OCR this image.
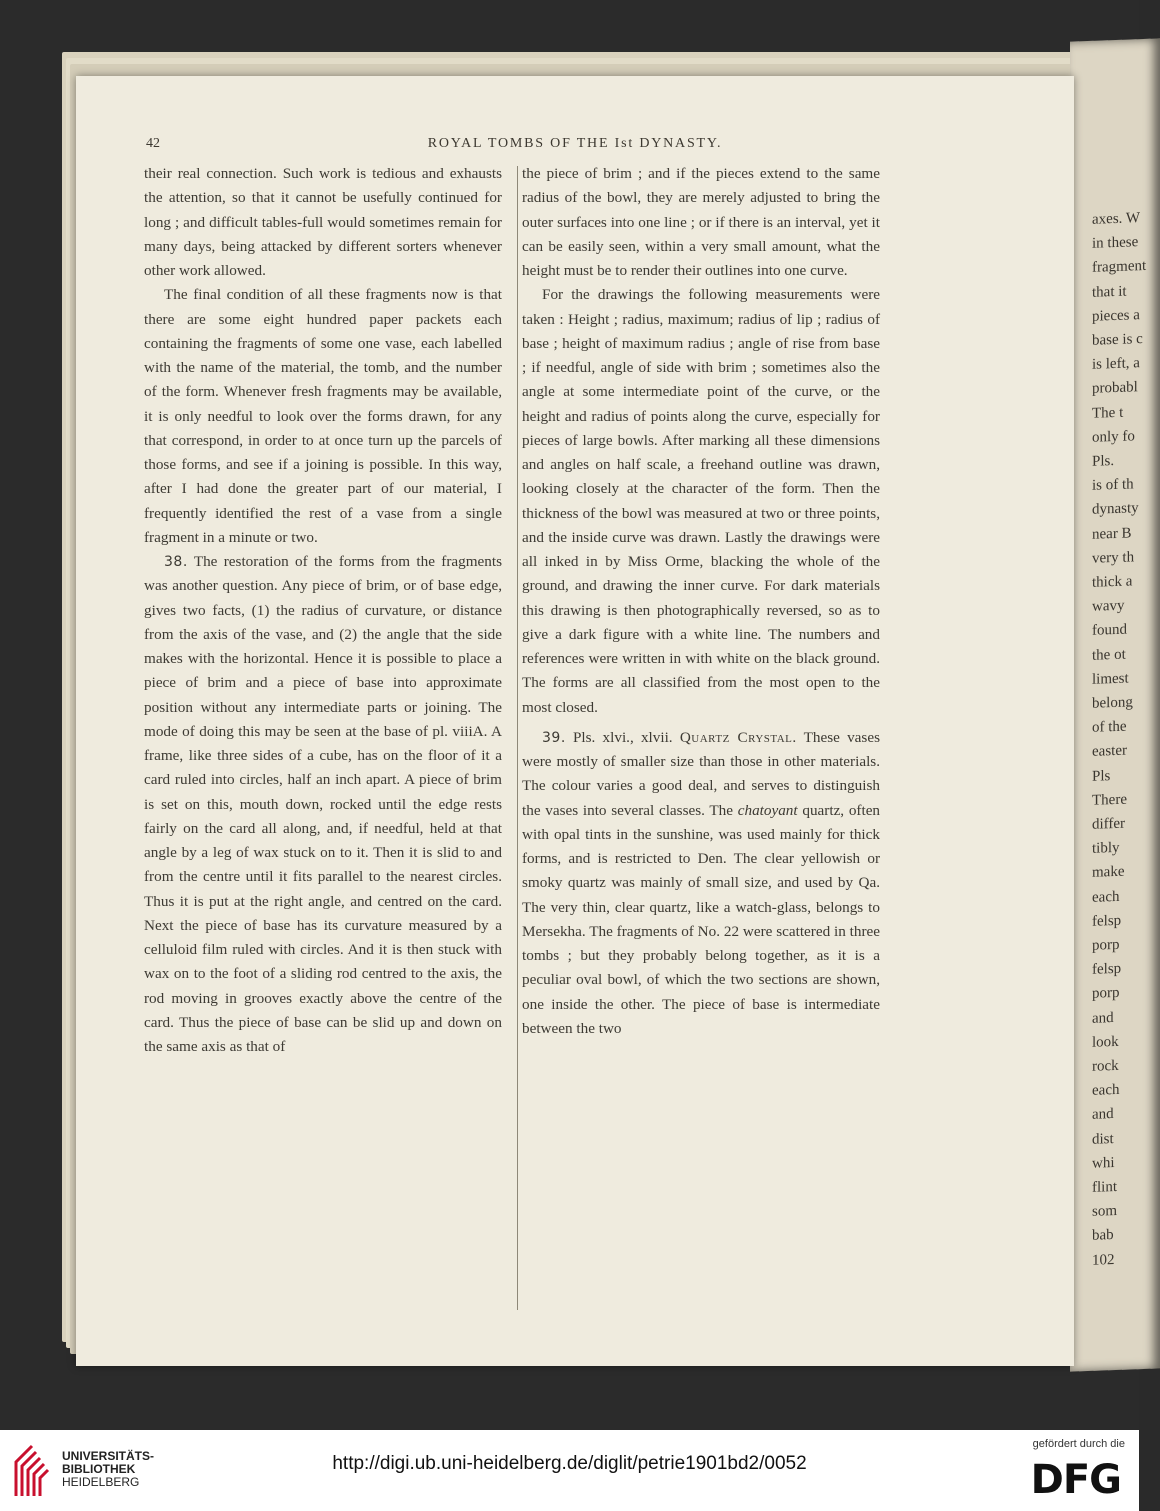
axes. W
in these
fragment
that it
pieces a
base is c
is left, a
probabl
The t
only fo
Pls.
is of th
dynasty
near B
very th
thick a
wavy
found
the ot
limest
belong
of the
easter
Pls
There
differ
tibly
make
each
felsp
porp
felsp
porp
and
look
rock
each
and
dist
whi
flint
som
bab
102
42	ROYAL TOMBS OF THE Ist DYNASTY.

their real connection. Such work is tedious and exhausts the attention, so that it cannot be usefully continued for long ; and difficult tables-full would sometimes remain for many days, being attacked by different sorters whenever other work allowed.

The final condition of all these fragments now is that there are some eight hundred paper packets each containing the fragments of some one vase, each labelled with the name of the material, the tomb, and the number of the form. Whenever fresh fragments may be available, it is only needful to look over the forms drawn, for any that correspond, in order to at once turn up the parcels of those forms, and see if a joining is possible. In this way, after I had done the greater part of our material, I frequently identified the rest of a vase from a single fragment in a minute or two.

38. The restoration of the forms from the fragments was another question. Any piece of brim, or of base edge, gives two facts, (1) the radius of curvature, or distance from the axis of the vase, and (2) the angle that the side makes with the horizontal. Hence it is possible to place a piece of brim and a piece of base into approximate position without any intermediate parts or joining. The mode of doing this may be seen at the base of pl. viiiA. A frame, like three sides of a cube, has on the floor of it a card ruled into circles, half an inch apart. A piece of brim is set on this, mouth down, rocked until the edge rests fairly on the card all along, and, if needful, held at that angle by a leg of wax stuck on to it. Then it is slid to and from the centre until it fits parallel to the nearest circles. Thus it is put at the right angle, and centred on the card. Next the piece of base has its curvature measured by a celluloid film ruled with circles. And it is then stuck with wax on to the foot of a sliding rod centred to the axis, the rod moving in grooves exactly above the centre of the card. Thus the piece of base can be slid up and down on the same axis as that of

the piece of brim ; and if the pieces extend to the same radius of the bowl, they are merely adjusted to bring the outer surfaces into one line ; or if there is an interval, yet it can be easily seen, within a very small amount, what the height must be to render their outlines into one curve.

For the drawings the following measurements were taken : Height ; radius, maximum; radius of lip ; radius of base ; height of maximum radius ; angle of rise from base ; if needful, angle of side with brim ; sometimes also the angle at some intermediate point of the curve, or the height and radius of points along the curve, especially for pieces of large bowls. After marking all these dimensions and angles on half scale, a freehand outline was drawn, looking closely at the character of the form. Then the thickness of the bowl was measured at two or three points, and the inside curve was drawn. Lastly the drawings were all inked in by Miss Orme, blacking the whole of the ground, and drawing the inner curve. For dark materials this drawing is then photographically reversed, so as to give a dark figure with a white line. The numbers and references were written in with white on the black ground. The forms are all classified from the most open to the most closed.

39. Pls. xlvi., xlvii. Quartz Crystal. These vases were mostly of smaller size than those in other materials. The colour varies a good deal, and serves to distinguish the vases into several classes. The chatoyant quartz, often with opal tints in the sunshine, was used mainly for thick forms, and is restricted to Den. The clear yellowish or smoky quartz was mainly of small size, and used by Qa. The very thin, clear quartz, like a watch-glass, belongs to Mersekha. The fragments of No. 22 were scattered in three tombs ; but they probably belong together, as it is a peculiar oval bowl, of which the two sections are shown, one inside the other. The piece of base is intermediate between the two

UNIVERSITÄTS-
BIBLIOTHEK
HEIDELBERG
http://digi.ub.uni-heidelberg.de/diglit/petrie1901bd2/0052
gefördert durch die
DFG
